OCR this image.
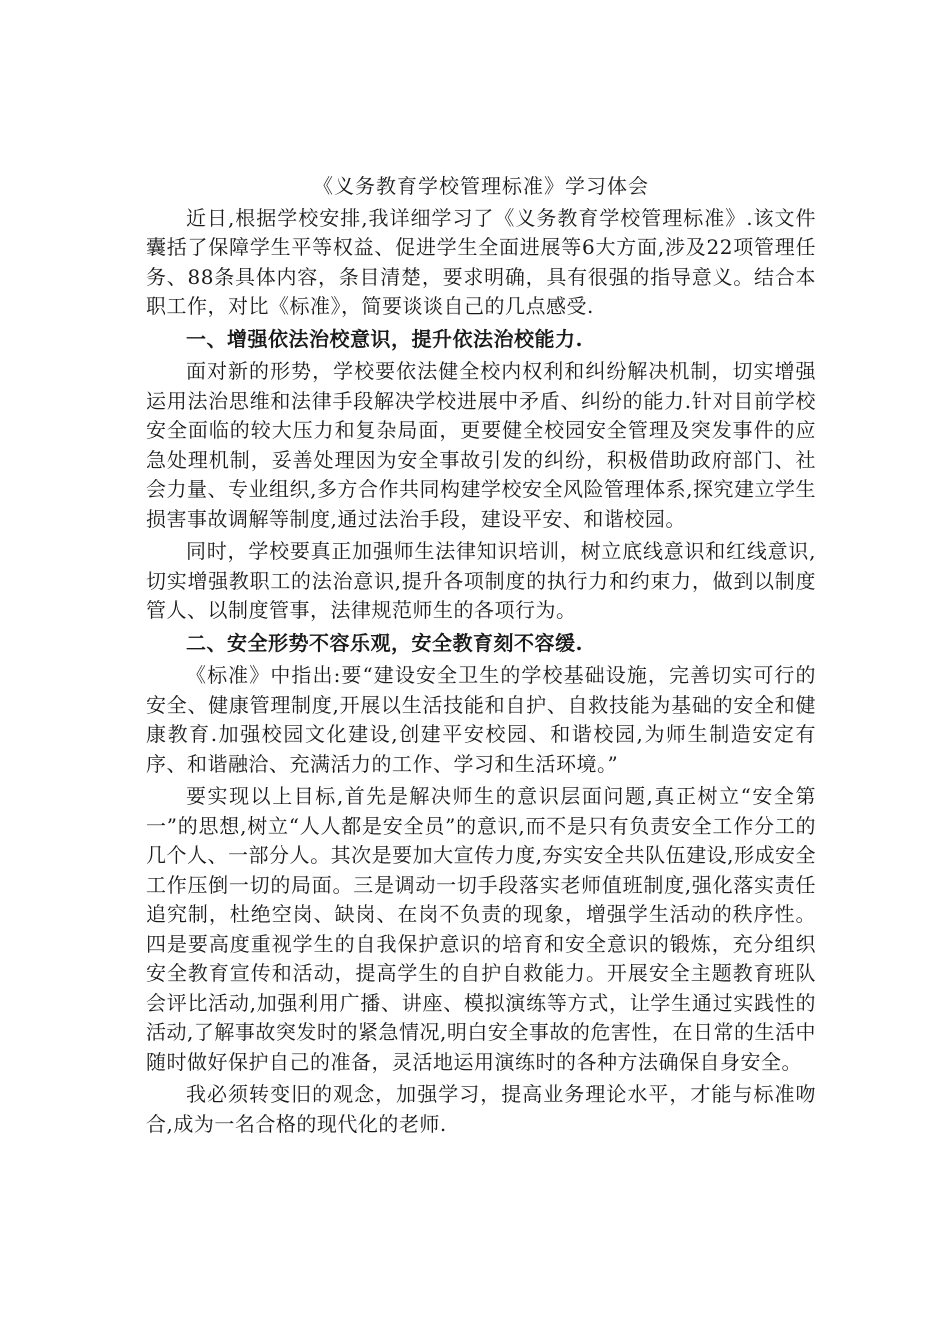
《义务教育学校管理标准》学习体会

近日,根据学校安排,我详细学习了《义务教育学校管理标准》.该文件囊括了保障学生平等权益、促进学生全面进展等6大方面,涉及22项管理任务、88条具体内容，条目清楚，要求明确，具有很强的指导意义。结合本职工作，对比《标准》，简要谈谈自己的几点感受.

一、增强依法治校意识，提升依法治校能力.

面对新的形势，学校要依法健全校内权利和纠纷解决机制，切实增强运用法治思维和法律手段解决学校进展中矛盾、纠纷的能力.针对目前学校安全面临的较大压力和复杂局面，更要健全校园安全管理及突发事件的应急处理机制，妥善处理因为安全事故引发的纠纷，积极借助政府部门、社会力量、专业组织,多方合作共同构建学校安全风险管理体系,探究建立学生损害事故调解等制度,通过法治手段，建设平安、和谐校园。

同时，学校要真正加强师生法律知识培训，树立底线意识和红线意识,切实增强教职工的法治意识,提升各项制度的执行力和约束力，做到以制度管人、以制度管事，法律规范师生的各项行为。

二、安全形势不容乐观，安全教育刻不容缓.

《标准》中指出:要“建设安全卫生的学校基础设施，完善切实可行的安全、健康管理制度,开展以生活技能和自护、自救技能为基础的安全和健康教育.加强校园文化建设,创建平安校园、和谐校园,为师生制造安定有序、和谐融洽、充满活力的工作、学习和生活环境。”

要实现以上目标,首先是解决师生的意识层面问题,真正树立“安全第一”的思想,树立“人人都是安全员”的意识,而不是只有负责安全工作分工的几个人、一部分人。其次是要加大宣传力度,夯实安全共队伍建设,形成安全工作压倒一切的局面。三是调动一切手段落实老师值班制度,强化落实责任追究制，杜绝空岗、缺岗、在岗不负责的现象，增强学生活动的秩序性。四是要高度重视学生的自我保护意识的培育和安全意识的锻炼，充分组织安全教育宣传和活动，提高学生的自护自救能力。开展安全主题教育班队会评比活动,加强利用广播、讲座、模拟演练等方式，让学生通过实践性的活动,了解事故突发时的紧急情况,明白安全事故的危害性，在日常的生活中随时做好保护自己的准备，灵活地运用演练时的各种方法确保自身安全。

我必须转变旧的观念，加强学习，提高业务理论水平，才能与标准吻合,成为一名合格的现代化的老师.
